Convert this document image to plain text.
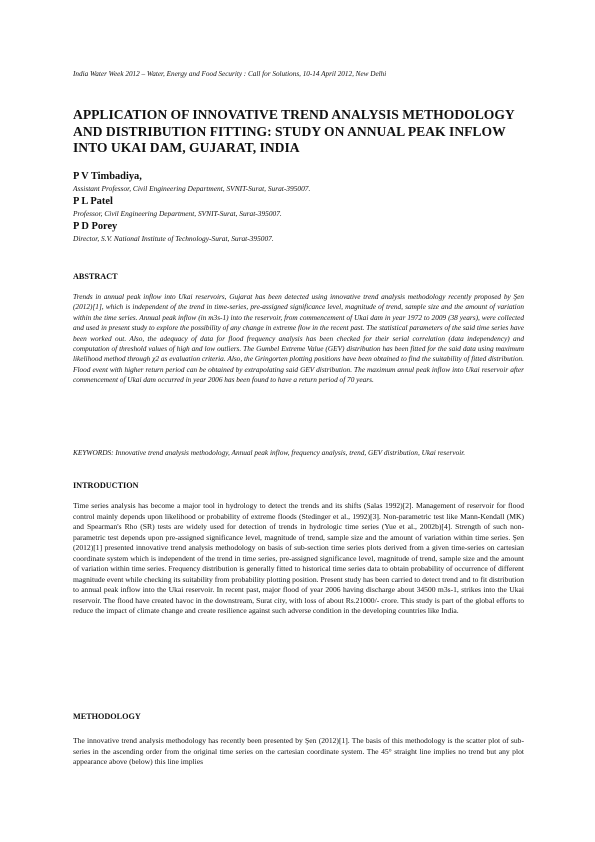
India Water Week 2012 – Water, Energy and Food Security : Call for Solutions, 10-14 April 2012, New Delhi
APPLICATION OF INNOVATIVE TREND ANALYSIS METHODOLOGY AND DISTRIBUTION FITTING: STUDY ON ANNUAL PEAK INFLOW INTO UKAI DAM, GUJARAT, INDIA
P V Timbadiya,
Assistant Professor, Civil Engineering Department, SVNIT-Surat, Surat-395007.
P L Patel
Professor, Civil Engineering Department, SVNIT-Surat, Surat-395007.
P D Porey
Director, S.V. National Institute of Technology-Surat, Surat-395007.
ABSTRACT

Trends in annual peak inflow into Ukai reservoirs, Gujarat has been detected using innovative trend analysis methodology recently proposed by Şen (2012)[1], which is independent of the trend in time-series, pre-assigned significance level, magnitude of trend, sample size and the amount of variation within the time series. Annual peak inflow (in m3s-1) into the reservoir, from commencement of Ukai dam in year 1972 to 2009 (38 years), were collected and used in present study to explore the possibility of any change in extreme flow in the recent past. The statistical parameters of the said time series have been worked out. Also, the adequacy of data for flood frequency analysis has been checked for their serial correlation (data independency) and computation of threshold values of high and low outliers. The Gumbel Extreme Value (GEV) distribution has been fitted for the said data using maximum likelihood method through χ2 as evaluation criteria. Also, the Gringorten plotting positions have been obtained to find the suitability of fitted distribution. Flood event with higher return period can be obtained by extrapolating said GEV distribution. The maximum annul peak inflow into Ukai reservoir after commencement of Ukai dam occurred in year 2006 has been found to have a return period of 70 years.

KEYWORDS: Innovative trend analysis methodology, Annual peak inflow, frequency analysis, trend, GEV distribution, Ukai reservoir.

INTRODUCTION

Time series analysis has become a major tool in hydrology to detect the trends and its shifts (Salas 1992)[2]. Management of reservoir for flood control mainly depends upon likelihood or probability of extreme floods (Stedinger et al., 1992)[3]. Non-parametric test like Mann-Kendall (MK) and Spearman's Rho (SR) tests are widely used for detection of trends in hydrologic time series (Yue et al., 2002b)[4]. Strength of such non-parametric test depends upon pre-assigned significance level, magnitude of trend, sample size and the amount of variation within time series. Şen (2012)[1] presented innovative trend analysis methodology on basis of sub-section time series plots derived from a given time-series on cartesian coordinate system which is independent of the trend in time series, pre-assigned significance level, magnitude of trend, sample size and the amount of variation within time series. Frequency distribution is generally fitted to historical time series data to obtain probability of occurrence of different magnitude event while checking its suitability from probability plotting position. Present study has been carried to detect trend and to fit distribution to annual peak inflow into the Ukai reservoir. In recent past, major flood of year 2006 having discharge about 34500 m3s-1, strikes into the Ukai reservoir. The flood have created havoc in the downstream, Surat city, with loss of about Rs.21000/- crore. This study is part of the global efforts to reduce the impact of climate change and create resilience against such adverse condition in the developing countries like India.

METHODOLOGY

The innovative trend analysis methodology has recently been presented by Şen (2012)[1]. The basis of this methodology is the scatter plot of sub-series in the ascending order from the original time series on the cartesian coordinate system. The 45° straight line implies no trend but any plot appearance above (below) this line implies
